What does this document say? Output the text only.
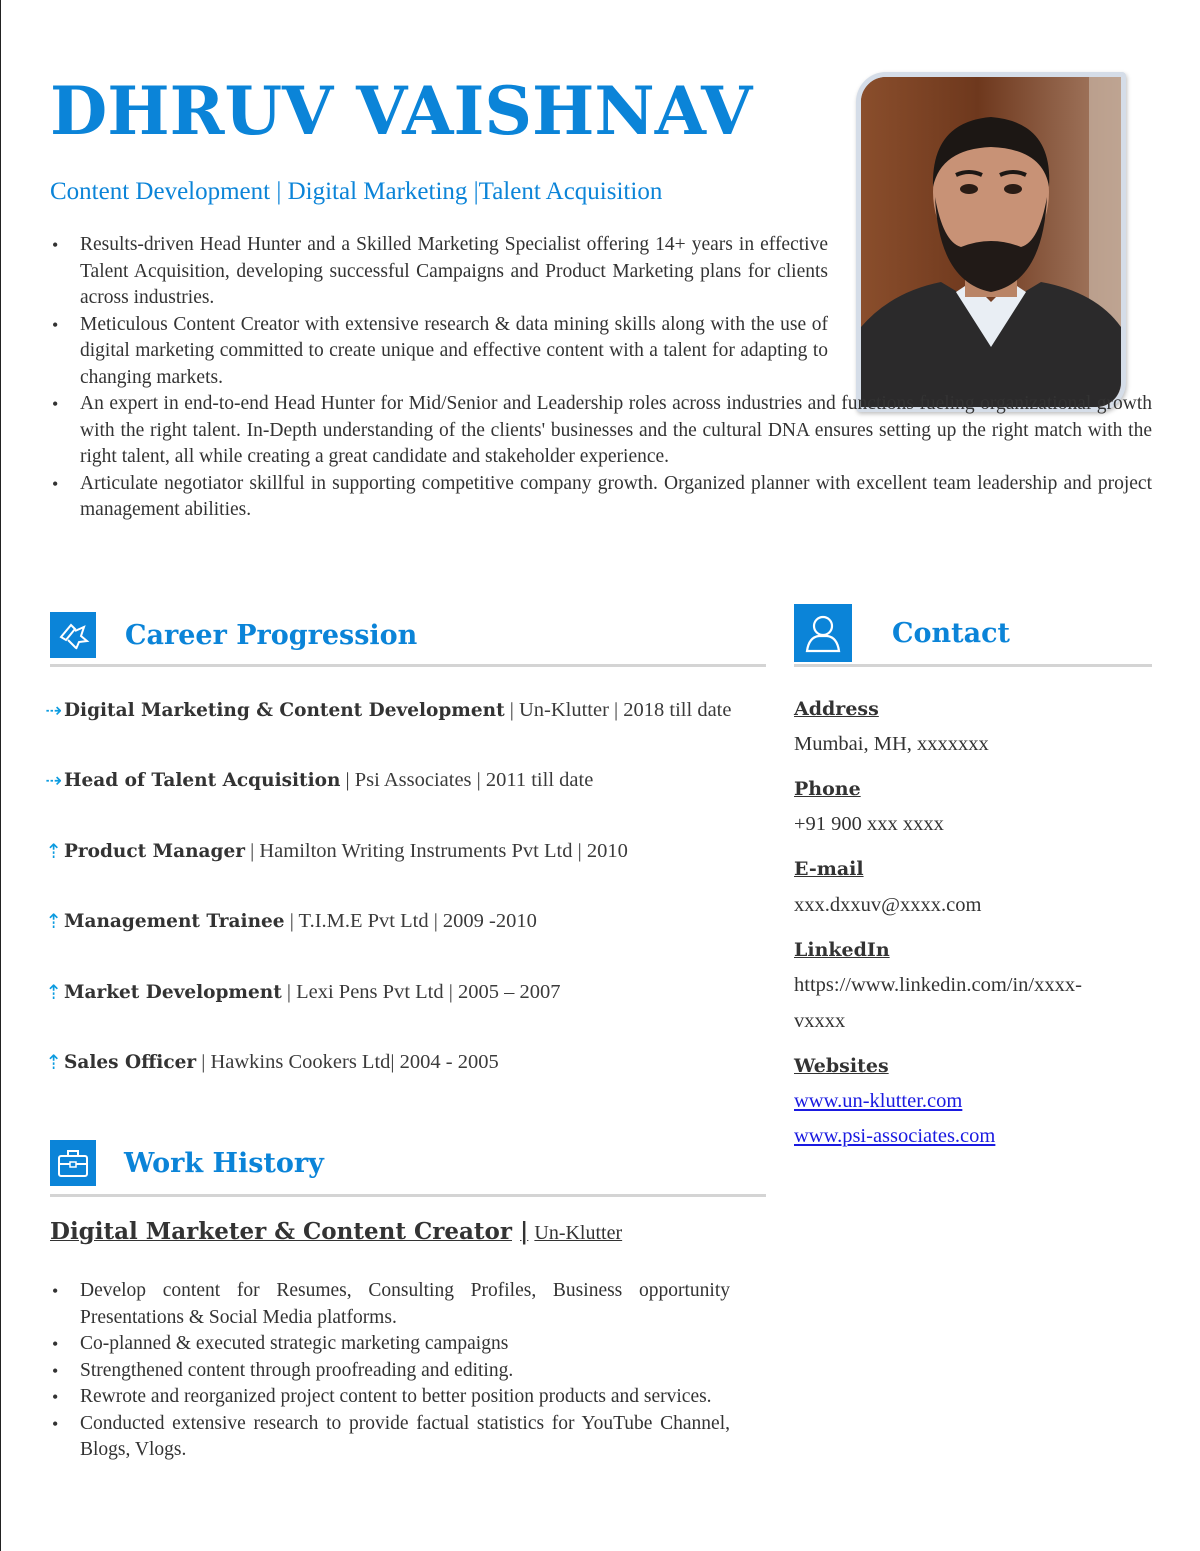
DHRUV VAISHNAV
Content Development | Digital Marketing |Talent Acquisition
• Results-driven Head Hunter and a Skilled Marketing Specialist offering 14+ years in effective Talent Acquisition, developing successful Campaigns and Product Marketing plans for clients across industries.
• Meticulous Content Creator with extensive research & data mining skills along with the use of digital marketing committed to create unique and effective content with a talent for adapting to changing markets.
• An expert in end-to-end Head Hunter for Mid/Senior and Leadership roles across industries and functions fueling organizational growth with the right talent. In-Depth understanding of the clients' businesses and the cultural DNA ensures setting up the right match with the right talent, all while creating a great candidate and stakeholder experience.
• Articulate negotiator skillful in supporting competitive company growth. Organized planner with excellent team leadership and project management abilities.
Career Progression
⇢ Digital Marketing & Content Development | Un-Klutter | 2018 till date
⇢ Head of Talent Acquisition | Psi Associates | 2011 till date
⇡ Product Manager | Hamilton Writing Instruments Pvt Ltd | 2010
⇡ Management Trainee | T.I.M.E Pvt Ltd | 2009 -2010
⇡ Market Development | Lexi Pens Pvt Ltd | 2005 – 2007
⇡ Sales Officer | Hawkins Cookers Ltd| 2004 - 2005
Contact
Address
Mumbai, MH, xxxxxxx
Phone
+91 900 xxx xxxx
E-mail
xxx.dxxuv@xxxx.com
LinkedIn
https://www.linkedin.com/in/xxxx-
vxxxx
Websites
www.un-klutter.com
www.psi-associates.com
Work History
Digital Marketer & Content Creator | Un-Klutter
• Develop content for Resumes, Consulting Profiles, Business opportunity Presentations & Social Media platforms.
• Co-planned & executed strategic marketing campaigns
• Strengthened content through proofreading and editing.
• Rewrote and reorganized project content to better position products and services.
• Conducted extensive research to provide factual statistics for YouTube Channel, Blogs, Vlogs.
